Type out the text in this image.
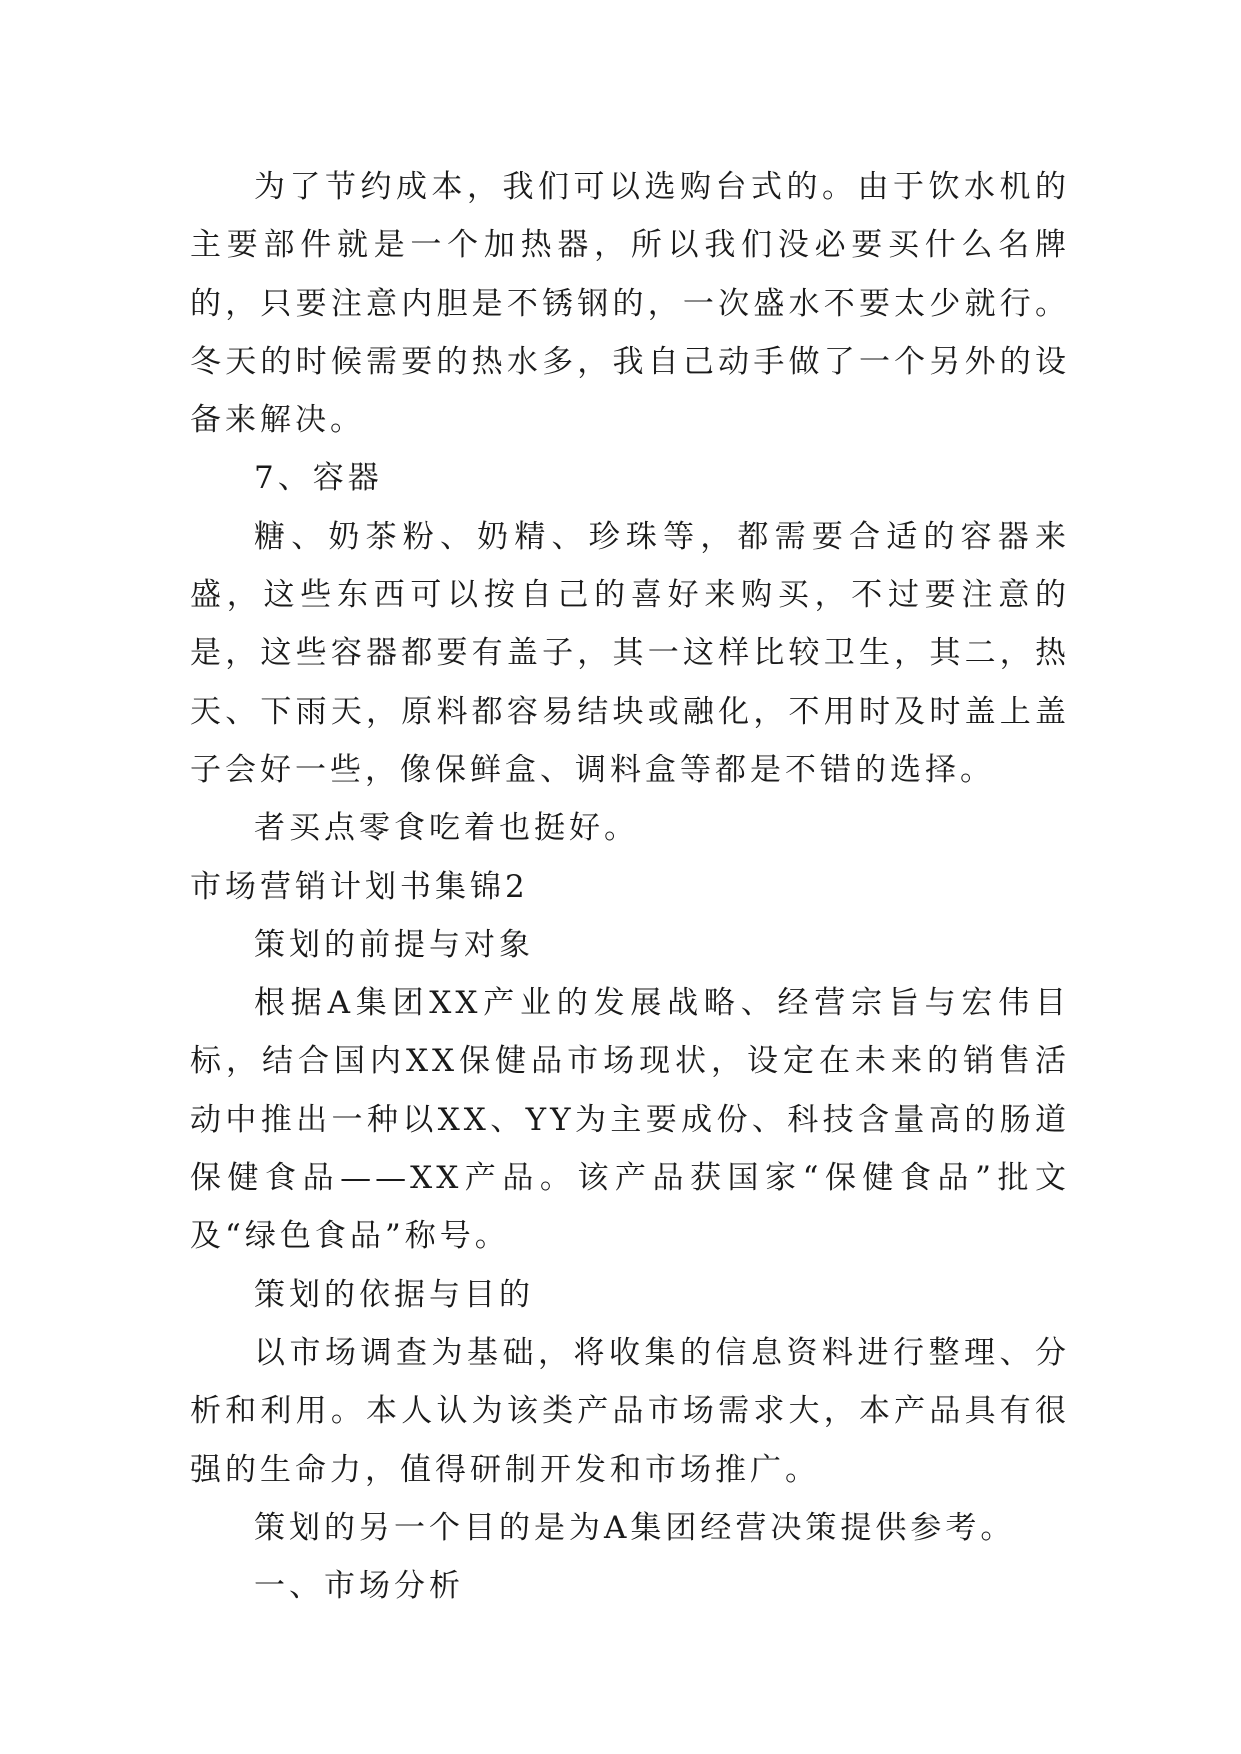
为了节约成本，我们可以选购台式的。由于饮水机的主要部件就是一个加热器，所以我们没必要买什么名牌的，只要注意内胆是不锈钢的，一次盛水不要太少就行。冬天的时候需要的热水多，我自己动手做了一个另外的设备来解决。

7、容器

糖、奶茶粉、奶精、珍珠等，都需要合适的容器来盛，这些东西可以按自己的喜好来购买，不过要注意的是，这些容器都要有盖子，其一这样比较卫生，其二，热天、下雨天，原料都容易结块或融化，不用时及时盖上盖子会好一些，像保鲜盒、调料盒等都是不错的选择。

者买点零食吃着也挺好。

市场营销计划书集锦2

策划的前提与对象

根据A集团XX产业的发展战略、经营宗旨与宏伟目标，结合国内XX保健品市场现状，设定在未来的销售活动中推出一种以XX、YY为主要成份、科技含量高的肠道保健食品——XX产品。该产品获国家“保健食品”批文及“绿色食品”称号。

策划的依据与目的

以市场调查为基础，将收集的信息资料进行整理、分析和利用。本人认为该类产品市场需求大，本产品具有很强的生命力，值得研制开发和市场推广。

策划的另一个目的是为A集团经营决策提供参考。

一、市场分析
